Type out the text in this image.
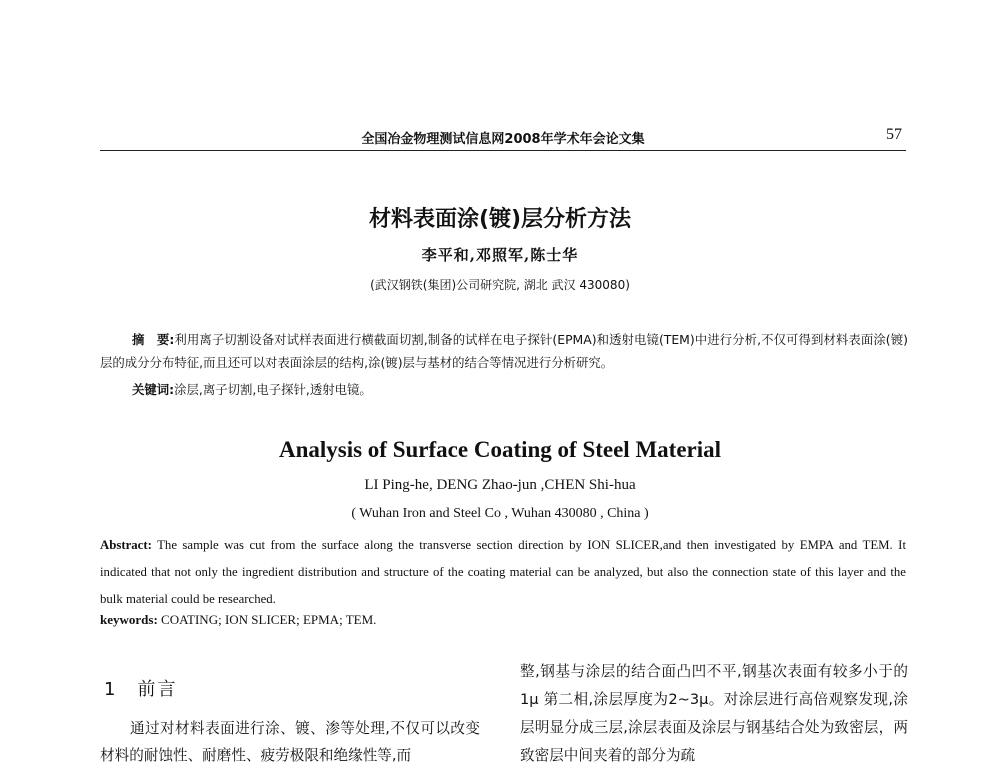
全国冶金物理测试信息网2008年学术年会论文集	57
材料表面涂(镀)层分析方法
李平和,邓照军,陈士华
(武汉钢铁(集团)公司研究院, 湖北 武汉 430080)
摘　要:利用离子切割设备对试样表面进行横截面切割,制备的试样在电子探针(EPMA)和透射电镜(TEM)中进行分析,不仅可得到材料表面涂(镀)层的成分分布特征,而且还可以对表面涂层的结构,涂(镀)层与基材的结合等情况进行分析研究。
关键词:涂层,离子切割,电子探针,透射电镜。
Analysis of Surface Coating of Steel Material
LI Ping-he, DENG Zhao-jun ,CHEN Shi-hua
( Wuhan Iron and Steel Co , Wuhan 430080 , China )
Abstract: The sample was cut from the surface along the transverse section direction by ION SLICER,and then investigated by EMPA and TEM. It indicated that not only the ingredient distribution and structure of the coating material can be analyzed, but also the connection state of this layer and the bulk material could be researched.
keywords: COATING; ION SLICER; EPMA; TEM.
1　前言

通过对材料表面进行涂、镀、渗等处理,不仅可以改变材料的耐蚀性、耐磨性、疲劳极限和绝缘性等,而

整,钢基与涂层的结合面凸凹不平,钢基次表面有较多小于的1μ 第二相,涂层厚度为2~3μ。对涂层进行高倍观察发现,涂层明显分成三层,涂层表面及涂层与钢基结合处为致密层，两致密层中间夹着的部分为疏
